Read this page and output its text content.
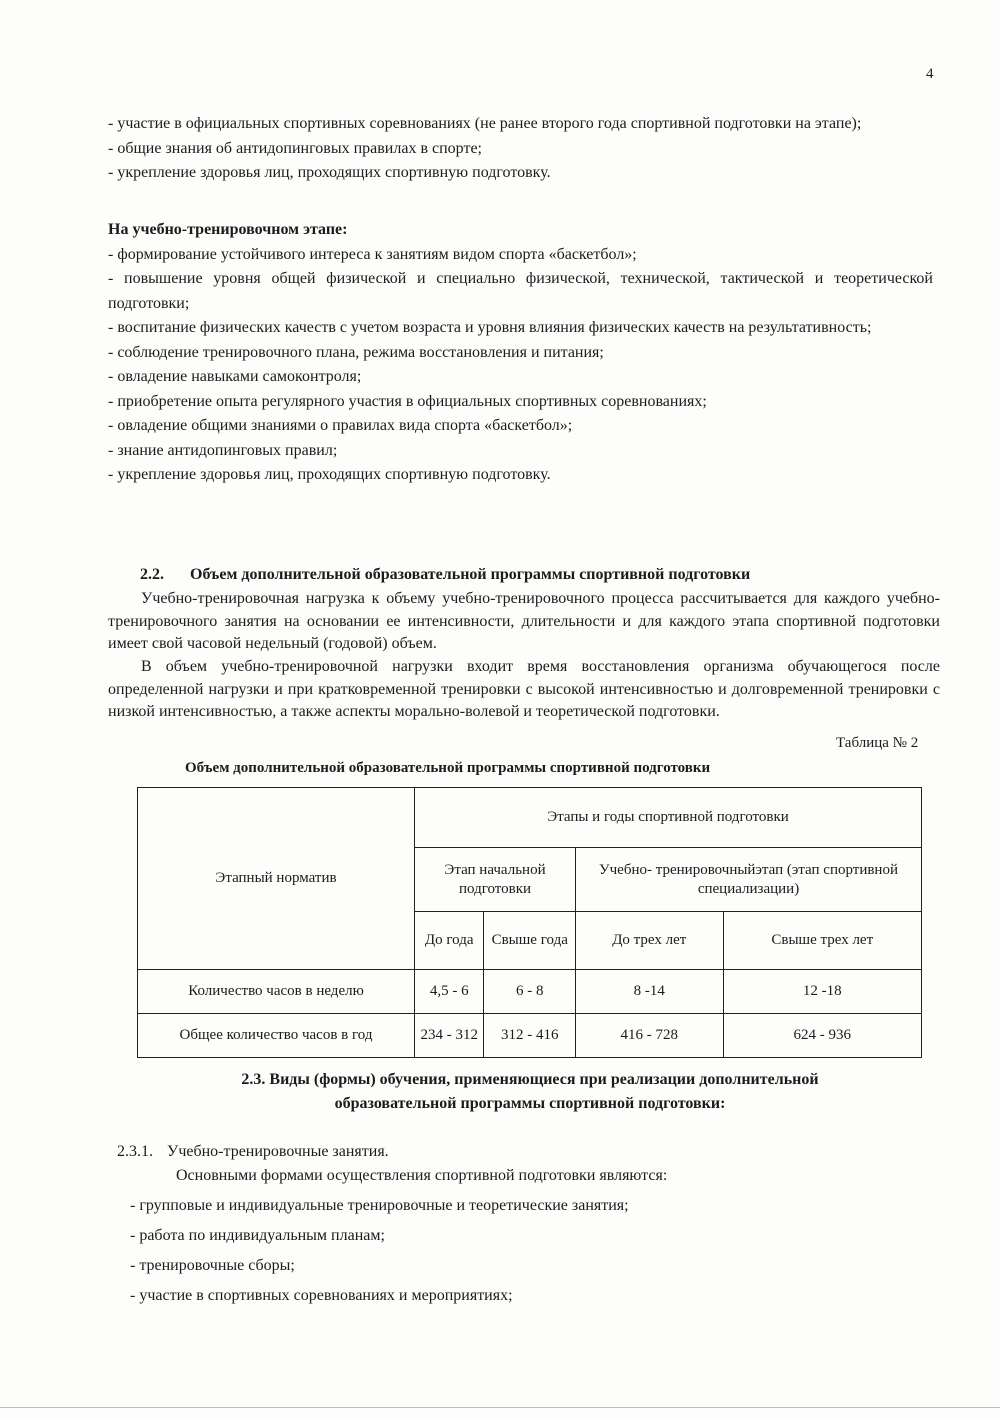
4
- участие в официальных спортивных соревнованиях (не ранее второго года спортивной подготовки на этапе);
- общие знания об антидопинговых правилах в спорте;
- укрепление здоровья лиц, проходящих спортивную подготовку.
На учебно-тренировочном этапе:
- формирование устойчивого интереса к занятиям видом спорта «баскетбол»;
- повышение уровня общей физической и специально физической, технической, тактической и теоретической подготовки;
- воспитание физических качеств с учетом возраста и уровня влияния физических качеств на результативность;
- соблюдение тренировочного плана, режима восстановления и питания;
- овладение навыками самоконтроля;
- приобретение опыта регулярного участия в официальных спортивных соревнованиях;
- овладение общими знаниями о правилах вида спорта «баскетбол»;
- знание антидопинговых правил;
- укрепление здоровья лиц, проходящих спортивную подготовку.
2.2. Объем дополнительной образовательной программы спортивной подготовки
Учебно-тренировочная нагрузка к объему учебно-тренировочного процесса рассчитывается для каждого учебно-тренировочного занятия на основании ее интенсивности, длительности и для каждого этапа спортивной подготовки имеет свой часовой недельный (годовой) объем.
В объем учебно-тренировочной нагрузки входит время восстановления организма обучающегося после определенной нагрузки и при кратковременной тренировки с высокой интенсивностью и долговременной тренировки с низкой интенсивностью, а также аспекты морально-волевой и теоретической подготовки.
Таблица № 2
Объем дополнительной образовательной программы спортивной подготовки
Этапный норматив	Этапы и годы спортивной подготовки			
	Этап начальной подготовки		Учебно- тренировочныйэтап (этап спортивной специализации)	
	До года	Свыше года	До трех лет	Свыше трех лет
Количество часов в неделю	4,5 - 6	6 - 8	8 -14	12 -18
Общее количество часов в год	234 - 312	312 - 416	416 - 728	624 - 936
2.3. Виды (формы) обучения, применяющиеся при реализации дополнительной
образовательной программы спортивной подготовки:
2.3.1. Учебно-тренировочные занятия.
Основными формами осуществления спортивной подготовки являются:
- групповые и индивидуальные тренировочные и теоретические занятия;
- работа по индивидуальным планам;
- тренировочные сборы;
- участие в спортивных соревнованиях и мероприятиях;
